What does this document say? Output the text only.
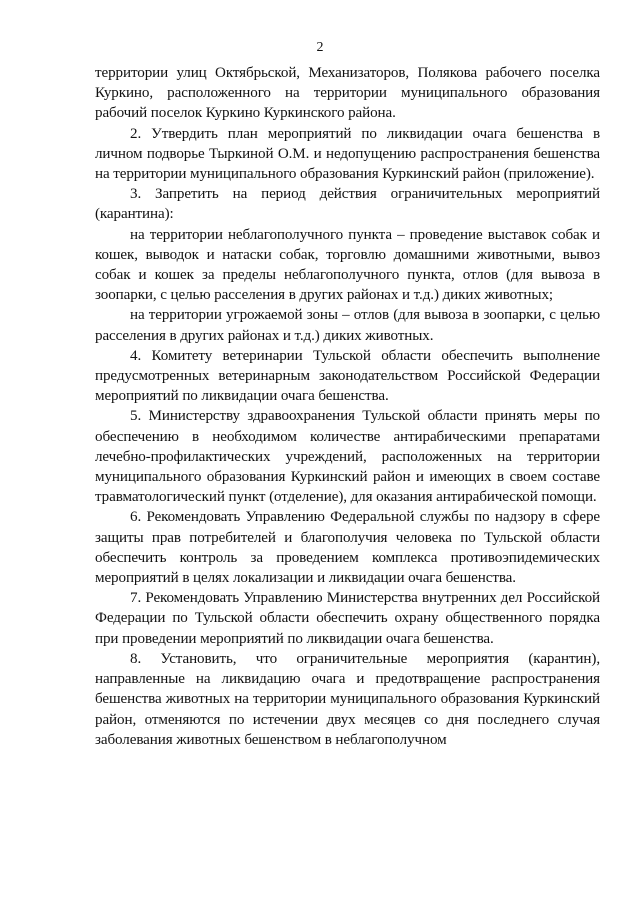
2

территории улиц Октябрьской, Механизаторов, Полякова рабочего поселка Куркино, расположенного на территории муниципального образования рабочий поселок Куркино Куркинского района.

2. Утвердить план мероприятий по ликвидации очага бешенства в личном подворье Тыркиной О.М. и недопущению распространения бешенства на территории муниципального образования Куркинский район (приложение).

3. Запретить на период действия ограничительных мероприятий (карантина):

на территории неблагополучного пункта – проведение выставок собак и кошек, выводок и натаски собак, торговлю домашними животными, вывоз собак и кошек за пределы неблагополучного пункта, отлов (для вывоза в зоопарки, с целью расселения в других районах и т.д.) диких животных;

на территории угрожаемой зоны – отлов (для вывоза в зоопарки, с целью расселения в других районах и т.д.) диких животных.

4. Комитету ветеринарии Тульской области обеспечить выполнение предусмотренных ветеринарным законодательством Российской Федерации мероприятий по ликвидации очага бешенства.

5. Министерству здравоохранения Тульской области принять меры по обеспечению в необходимом количестве антирабическими препаратами лечебно-профилактических учреждений, расположенных на территории муниципального образования Куркинский район и имеющих в своем составе травматологический пункт (отделение), для оказания антирабической помощи.

6. Рекомендовать Управлению Федеральной службы по надзору в сфере защиты прав потребителей и благополучия человека по Тульской области обеспечить контроль за проведением комплекса противоэпидемических мероприятий в целях локализации и ликвидации очага бешенства.

7. Рекомендовать Управлению Министерства внутренних дел Российской Федерации по Тульской области обеспечить охрану общественного порядка при проведении мероприятий по ликвидации очага бешенства.

8. Установить, что ограничительные мероприятия (карантин), направленные на ликвидацию очага и предотвращение распространения бешенства животных на территории муниципального образования Куркинский район, отменяются по истечении двух месяцев со дня последнего случая заболевания животных бешенством в неблагополучном
